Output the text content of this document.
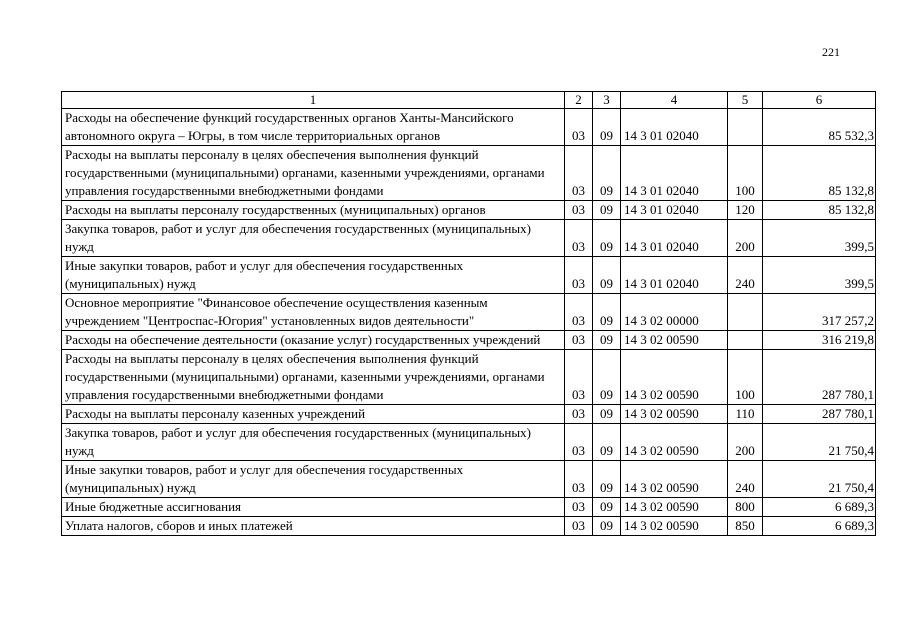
221
1	2	3	4	5	6
Расходы на обеспечение функций государственных органов Ханты-Мансийского автономного округа – Югры, в том числе территориальных органов	03	09	14 3 01 02040		85 532,3
Расходы на выплаты персоналу в целях обеспечения выполнения функций государственными (муниципальными) органами, казенными учреждениями, органами управления государственными внебюджетными фондами	03	09	14 3 01 02040	100	85 132,8
Расходы на выплаты персоналу государственных (муниципальных) органов	03	09	14 3 01 02040	120	85 132,8
Закупка товаров, работ и услуг для обеспечения государственных (муниципальных) нужд	03	09	14 3 01 02040	200	399,5
Иные закупки товаров, работ и услуг для обеспечения государственных (муниципальных) нужд	03	09	14 3 01 02040	240	399,5
Основное мероприятие "Финансовое обеспечение осуществления казенным учреждением "Центроспас-Югория" установленных видов деятельности"	03	09	14 3 02 00000		317 257,2
Расходы на обеспечение деятельности (оказание услуг) государственных учреждений	03	09	14 3 02 00590		316 219,8
Расходы на выплаты персоналу в целях обеспечения выполнения функций государственными (муниципальными) органами, казенными учреждениями, органами управления государственными внебюджетными фондами	03	09	14 3 02 00590	100	287 780,1
Расходы на выплаты персоналу казенных учреждений	03	09	14 3 02 00590	110	287 780,1
Закупка товаров, работ и услуг для обеспечения государственных (муниципальных) нужд	03	09	14 3 02 00590	200	21 750,4
Иные закупки товаров, работ и услуг для обеспечения государственных (муниципальных) нужд	03	09	14 3 02 00590	240	21 750,4
Иные бюджетные ассигнования	03	09	14 3 02 00590	800	6 689,3
Уплата налогов, сборов и иных платежей	03	09	14 3 02 00590	850	6 689,3
